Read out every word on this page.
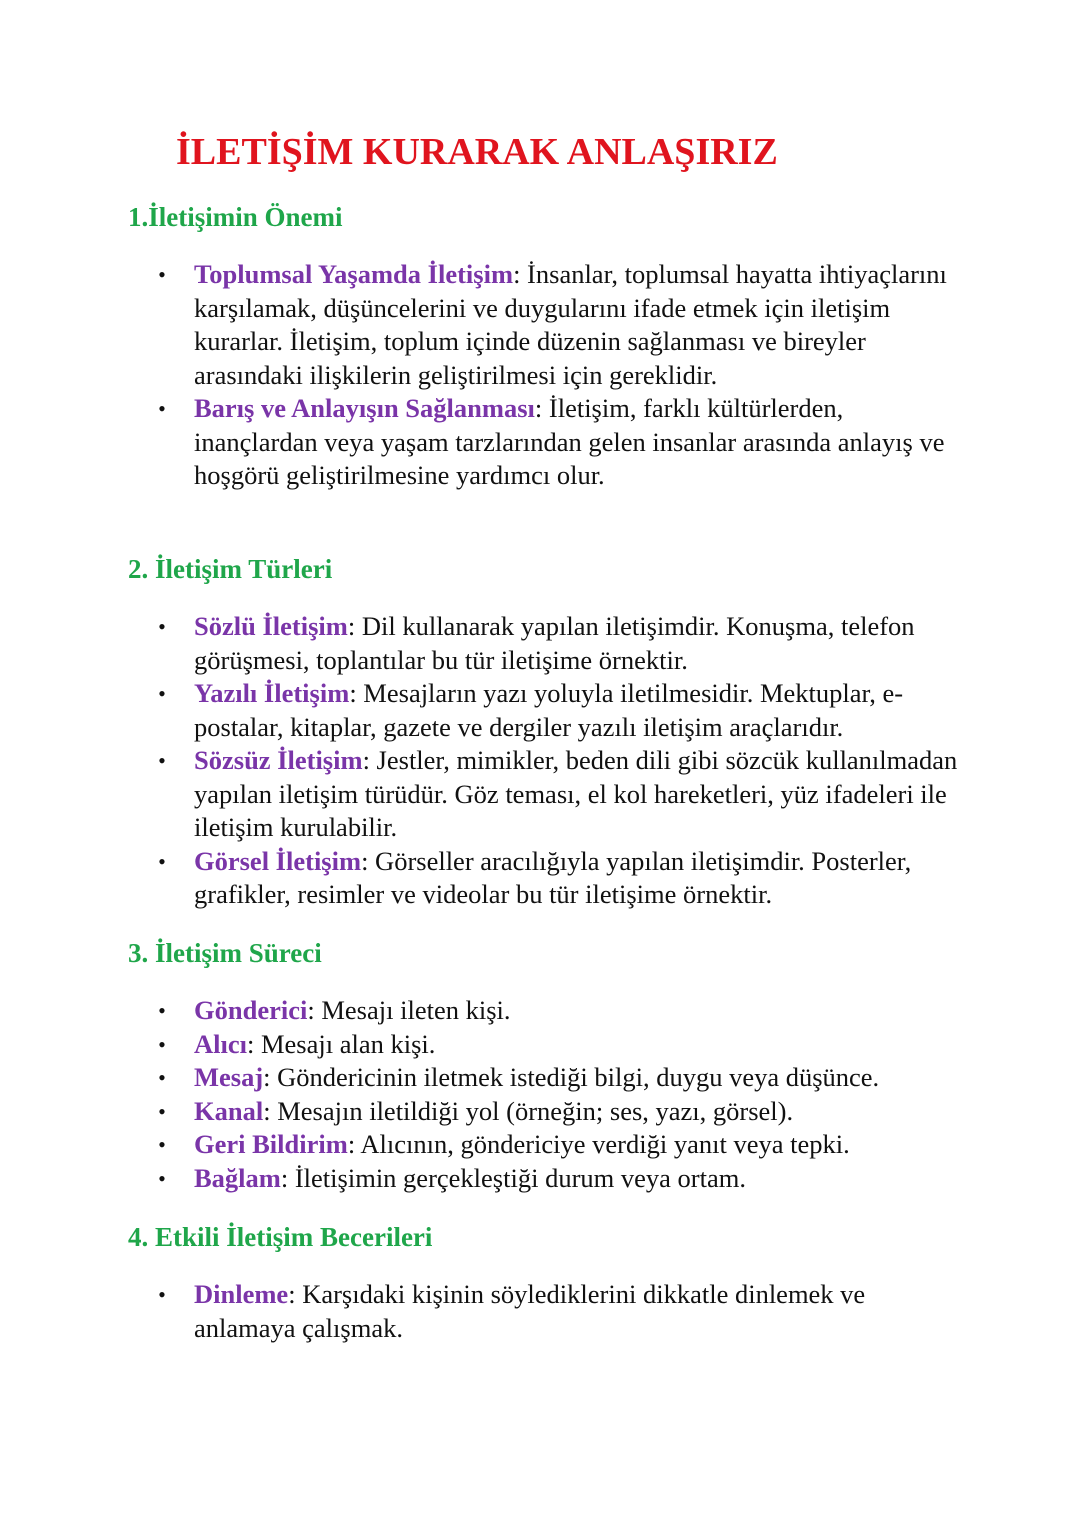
İLETİŞİM KURARAK ANLAŞIRIZ
1.İletişimin Önemi
• Toplumsal Yaşamda İletişim: İnsanlar, toplumsal hayatta ihtiyaçlarını karşılamak, düşüncelerini ve duygularını ifade etmek için iletişim kurarlar. İletişim, toplum içinde düzenin sağlanması ve bireyler arasındaki ilişkilerin geliştirilmesi için gereklidir.
• Barış ve Anlayışın Sağlanması: İletişim, farklı kültürlerden, inançlardan veya yaşam tarzlarından gelen insanlar arasında anlayış ve hoşgörü geliştirilmesine yardımcı olur.
2. İletişim Türleri
• Sözlü İletişim: Dil kullanarak yapılan iletişimdir. Konuşma, telefon görüşmesi, toplantılar bu tür iletişime örnektir.
• Yazılı İletişim: Mesajların yazı yoluyla iletilmesidir. Mektuplar, e-postalar, kitaplar, gazete ve dergiler yazılı iletişim araçlarıdır.
• Sözsüz İletişim: Jestler, mimikler, beden dili gibi sözcük kullanılmadan yapılan iletişim türüdür. Göz teması, el kol hareketleri, yüz ifadeleri ile iletişim kurulabilir.
• Görsel İletişim: Görseller aracılığıyla yapılan iletişimdir. Posterler, grafikler, resimler ve videolar bu tür iletişime örnektir.
3. İletişim Süreci
• Gönderici: Mesajı ileten kişi.
• Alıcı: Mesajı alan kişi.
• Mesaj: Göndericinin iletmek istediği bilgi, duygu veya düşünce.
• Kanal: Mesajın iletildiği yol (örneğin; ses, yazı, görsel).
• Geri Bildirim: Alıcının, göndericiye verdiği yanıt veya tepki.
• Bağlam: İletişimin gerçekleştiği durum veya ortam.
4. Etkili İletişim Becerileri
• Dinleme: Karşıdaki kişinin söylediklerini dikkatle dinlemek ve anlamaya çalışmak.
